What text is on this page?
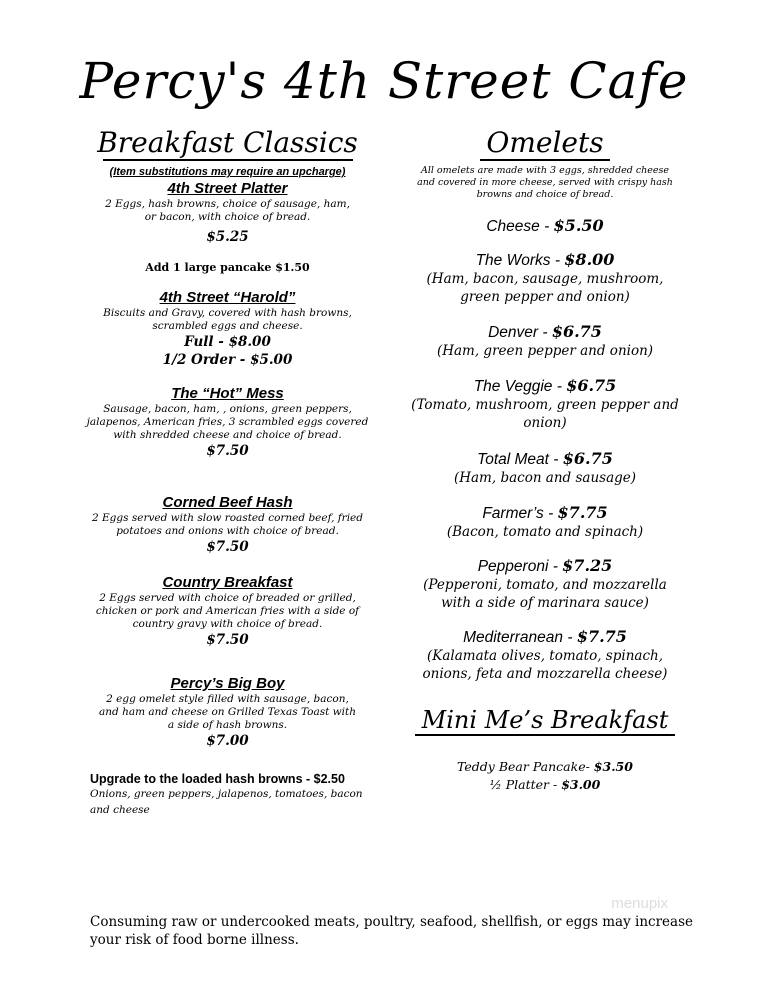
Percy's 4th Street Cafe
Breakfast Classics
(Item substitutions may require an upcharge)
4th Street Platter
2 Eggs, hash browns, choice of sausage, ham, or bacon, with choice of bread.
$5.25
Add 1 large pancake $1.50
4th Street “Harold”
Biscuits and Gravy, covered with hash browns, scrambled eggs and cheese.
Full - $8.00
1/2 Order - $5.00
The “Hot” Mess
Sausage, bacon, ham, , onions, green peppers, jalapenos, American fries, 3 scrambled eggs covered with shredded cheese and choice of bread.
$7.50
Corned Beef Hash
2 Eggs served with slow roasted corned beef, fried potatoes and onions with choice of bread.
$7.50
Country Breakfast
2 Eggs served with choice of breaded or grilled, chicken or pork and American fries with a side of country gravy with choice of bread.
$7.50
Percy’s Big Boy
2 egg omelet style filled with sausage, bacon, and ham and cheese on Grilled Texas Toast with a side of hash browns.
$7.00
Upgrade to the loaded hash browns - $2.50
Onions, green peppers, jalapenos, tomatoes, bacon and cheese
Omelets
All omelets are made with 3 eggs, shredded cheese and covered in more cheese, served with crispy hash browns and choice of bread.
Cheese - $5.50
The Works - $8.00
(Ham, bacon, sausage, mushroom, green pepper and onion)
Denver - $6.75
(Ham, green pepper and onion)
The Veggie - $6.75
(Tomato, mushroom, green pepper and onion)
Total Meat - $6.75
(Ham, bacon and sausage)
Farmer’s - $7.75
(Bacon, tomato and spinach)
Pepperoni - $7.25
(Pepperoni, tomato, and mozzarella with a side of marinara sauce)
Mediterranean - $7.75
(Kalamata olives, tomato, spinach, onions, feta and mozzarella cheese)
Mini Me’s Breakfast
Teddy Bear Pancake- $3.50
½ Platter - $3.00
menupix
Consuming raw or undercooked meats, poultry, seafood, shellfish, or eggs may increase your risk of food borne illness.
